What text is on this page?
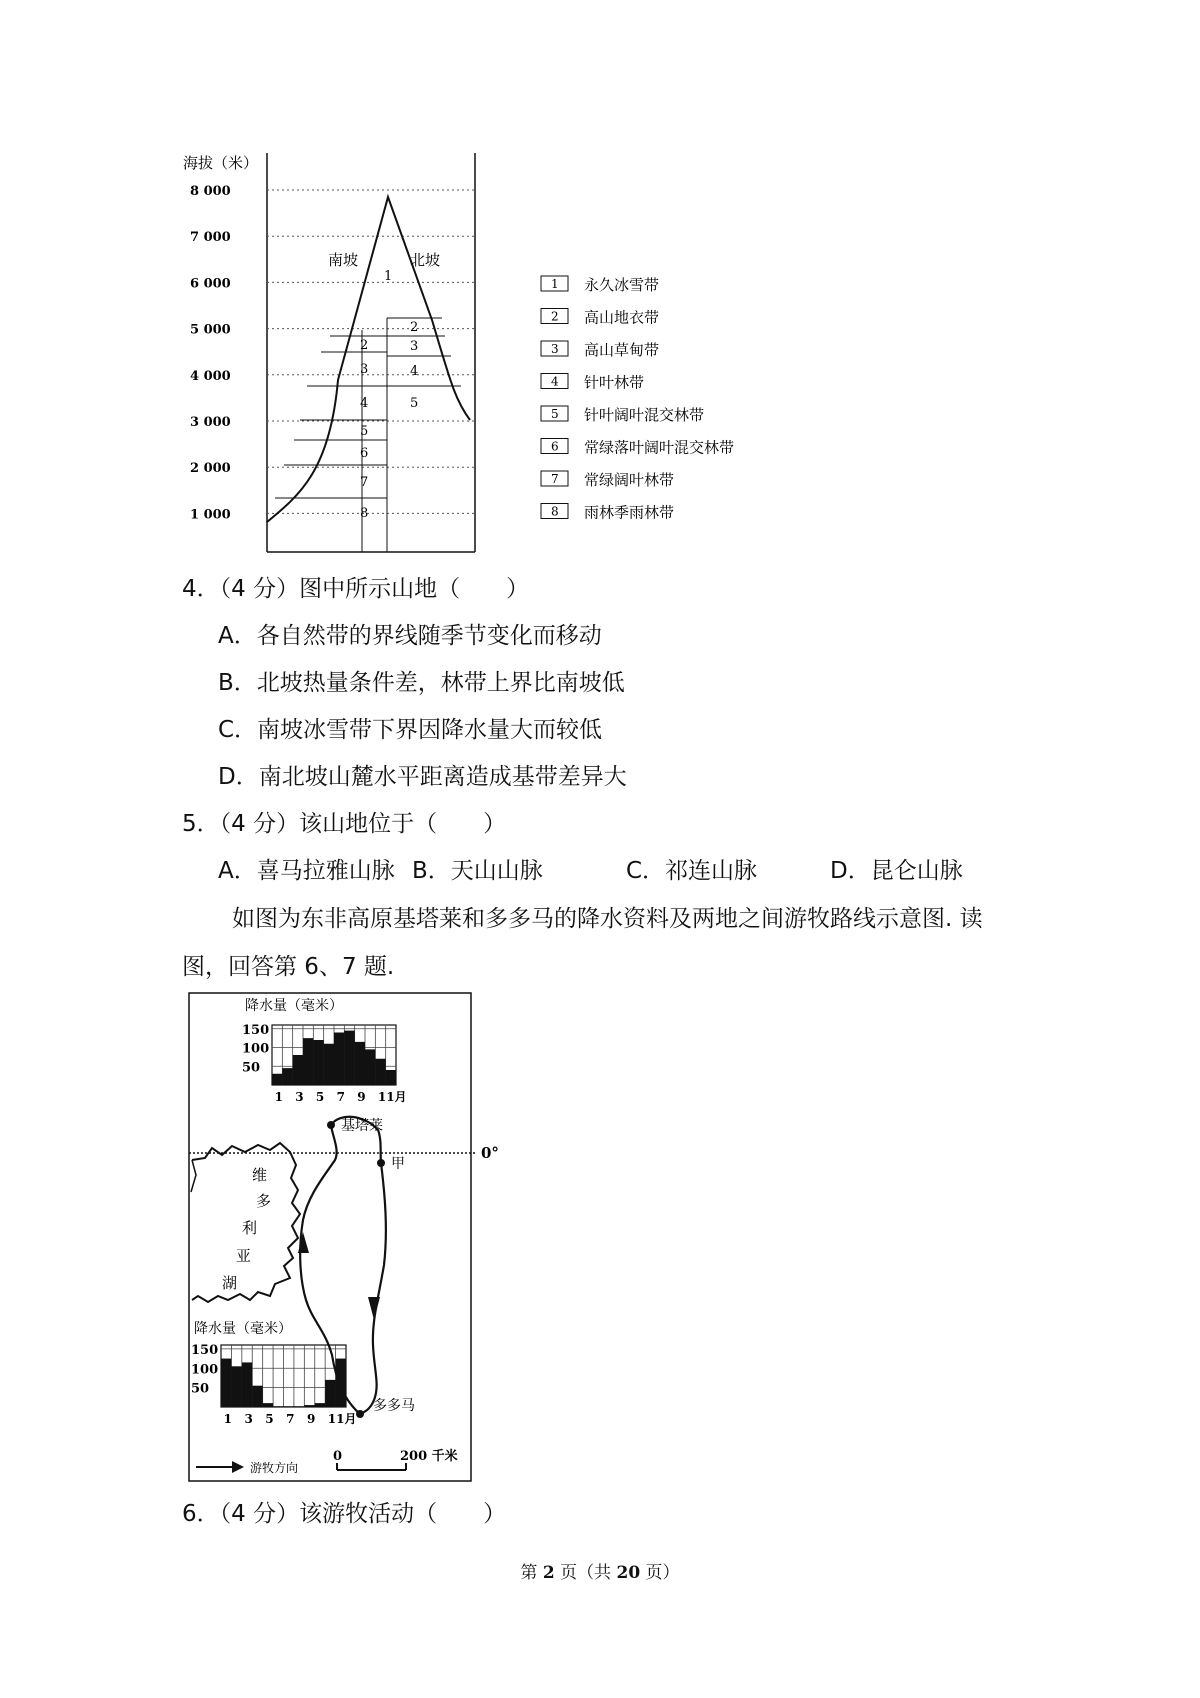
海拔（米）
8 000
7 000
6 000
5 000
4 000
3 000
2 000
1 000
南坡	北坡
1
2
3
4
5
6
7
8
2
3
4
5
1 永久冰雪带
2 高山地衣带
3 高山草甸带
4 针叶林带
5 针叶阔叶混交林带
6 常绿落叶阔叶混交林带
7 常绿阔叶林带
8 雨林季雨林带
4．（4 分）图中所示山地（　　）
A．各自然带的界线随季节变化而移动
B．北坡热量条件差，林带上界比南坡低
C．南坡冰雪带下界因降水量大而较低
D．南北坡山麓水平距离造成基带差异大
5．（4 分）该山地位于（　　）
A．喜马拉雅山脉 B．天山山脉	C．祁连山脉	D．昆仑山脉
如图为东非高原基塔莱和多多马的降水资料及两地之间游牧路线示意图. 读
图，回答第 6、7 题.
0°
降水量（毫米）
150
100
50
1 3 5 7 9 11月
降水量（毫米）
150
100
50
1 3 5 7 9 11月
维
多
利
亚
湖
基塔莱
甲
多多马
游牧方向
0	200 千米
6．（4 分）该游牧活动（　　）
第 2 页（共 20 页）
